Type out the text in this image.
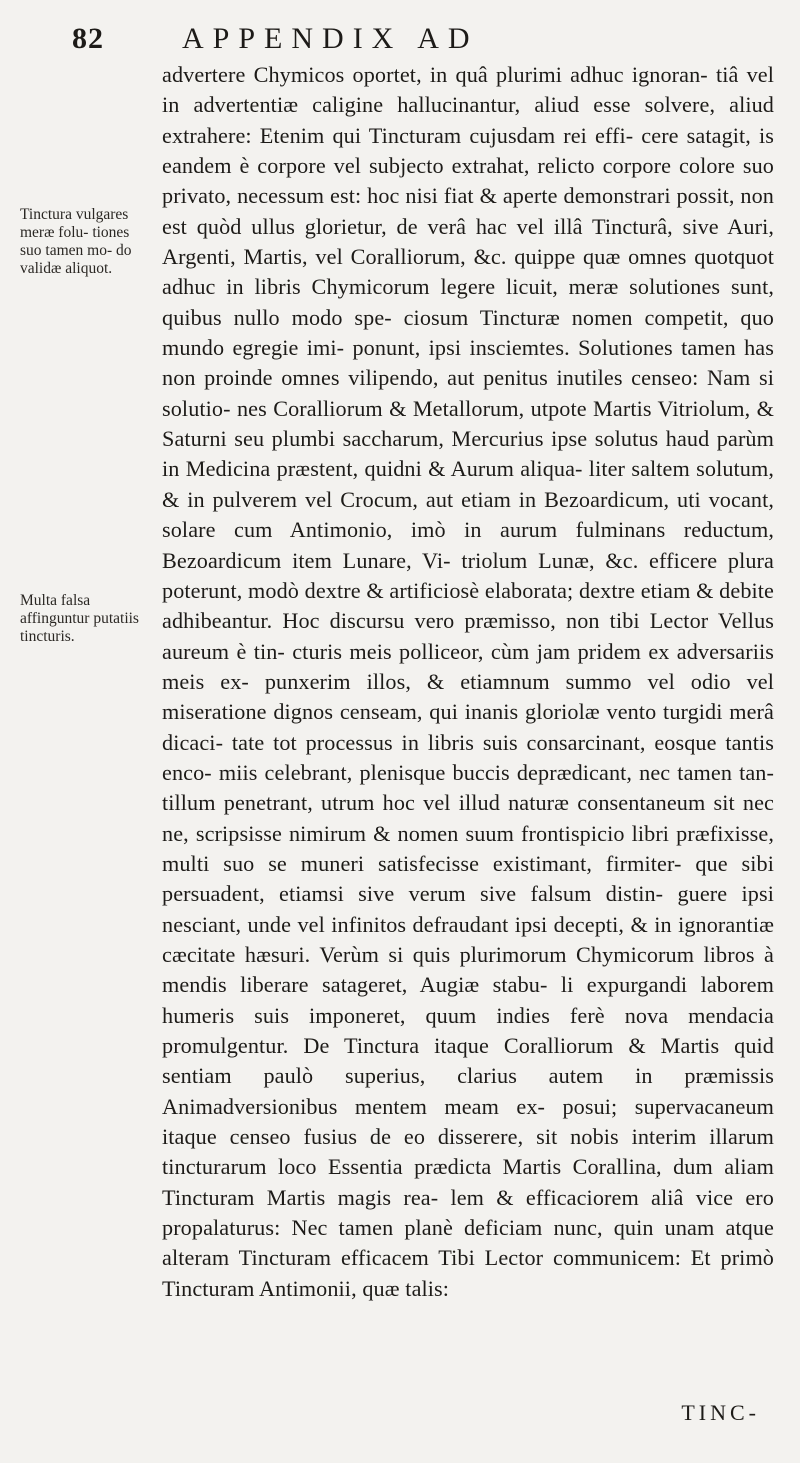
82	APPENDIX AD
Tinctura vulgares meræ folu- tiones suo tamen mo- do validæ aliquot.
Multa falsa affinguntur putatiis tincturis.

advertere Chymicos oportet, in quâ plurimi adhuc ignoran- tiâ vel in advertentiæ caligine hallucinantur, aliud esse solvere, aliud extrahere: Etenim qui Tincturam cujusdam rei effi- cere satagit, is eandem è corpore vel subjecto extrahat, relicto corpore colore suo privato, necessum est: hoc nisi fiat & aperte demonstrari possit, non est quòd ullus glorietur, de verâ hac vel illâ Tincturâ, sive Auri, Argenti, Martis, vel Coralliorum, &c. quippe quæ omnes quotquot adhuc in libris Chymicorum legere licuit, meræ solutiones sunt, quibus nullo modo spe- ciosum Tincturæ nomen competit, quo mundo egregie imi- ponunt, ipsi insciemtes. Solutiones tamen has non proinde omnes vilipendo, aut penitus inutiles censeo: Nam si solutio- nes Coralliorum & Metallorum, utpote Martis Vitriolum, & Saturni seu plumbi saccharum, Mercurius ipse solutus haud parùm in Medicina præstent, quidni & Aurum aliqua- liter saltem solutum, & in pulverem vel Crocum, aut etiam in Bezoardicum, uti vocant, solare cum Antimonio, imò in aurum fulminans reductum, Bezoardicum item Lunare, Vi- triolum Lunæ, &c. efficere plura poterunt, modò dextre & artificiosè elaborata; dextre etiam & debite adhibeantur. Hoc discursu vero præmisso, non tibi Lector Vellus aureum è tin- cturis meis polliceor, cùm jam pridem ex adversariis meis ex- punxerim illos, & etiamnum summo vel odio vel miseratione dignos censeam, qui inanis gloriolæ vento turgidi merâ dicaci- tate tot processus in libris suis consarcinant, eosque tantis enco- miis celebrant, plenisque buccis deprædicant, nec tamen tan- tillum penetrant, utrum hoc vel illud naturæ consentaneum sit nec ne, scripsisse nimirum & nomen suum frontispicio libri præfixisse, multi suo se muneri satisfecisse existimant, firmiter- que sibi persuadent, etiamsi sive verum sive falsum distin- guere ipsi nesciant, unde vel infinitos defraudant ipsi decepti, & in ignorantiæ cæcitate hæsuri. Verùm si quis plurimorum Chymicorum libros à mendis liberare satageret, Augiæ stabu- li expurgandi laborem humeris suis imponeret, quum indies ferè nova mendacia promulgentur. De Tinctura itaque Coralliorum & Martis quid sentiam paulò superius, clarius autem in præmissis Animadversionibus mentem meam ex- posui; supervacaneum itaque censeo fusius de eo disserere, sit nobis interim illarum tincturarum loco Essentia prædicta Martis Corallina, dum aliam Tincturam Martis magis rea- lem & efficaciorem aliâ vice ero propalaturus: Nec tamen planè deficiam nunc, quin unam atque alteram Tincturam efficacem Tibi Lector communicem: Et primò Tincturam Antimonii, quæ talis:

TINC-
